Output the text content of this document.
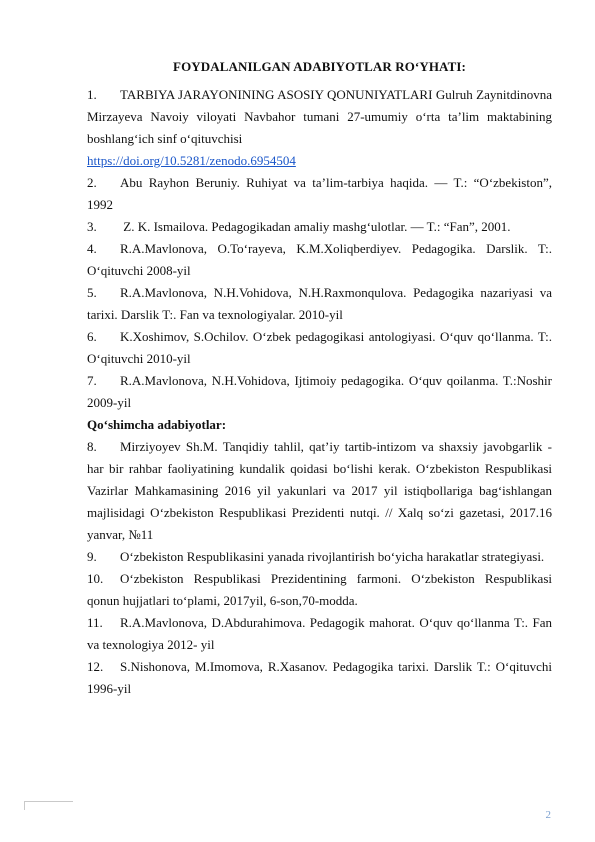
FOYDALANILGAN ADABIYOTLAR RO‘YHATI:
1. TARBIYA JARAYONINING ASOSIY QONUNIYATLARI Gulruh Zaynitdinovna Mirzayeva Navoiy viloyati Navbahor tumani 27-umumiy o‘rta ta’lim maktabining boshlang‘ich sinf o‘qituvchisi
https://doi.org/10.5281/zenodo.6954504
2. Abu Rayhon Beruniy. Ruhiyat va ta’lim-tarbiya haqida. — T.: “O‘zbekiston”, 1992
3. Z. K. Ismailova. Pedagogikadan amaliy mashg‘ulotlar. — T.: “Fan”, 2001.
4. R.A.Mavlonova, O.To‘rayeva, K.M.Xoliqberdiyev. Pedagogika. Darslik. T:. O‘qituvchi 2008-yil
5. R.A.Mavlonova, N.H.Vohidova, N.H.Raxmonqulova. Pedagogika nazariyasi va tarixi. Darslik T:. Fan va texnologiyalar. 2010-yil
6. K.Xoshimov, S.Ochilov. O‘zbek pedagogikasi antologiyasi. O‘quv qo‘llanma. T:. O‘qituvchi 2010-yil
7. R.A.Mavlonova, N.H.Vohidova, Ijtimoiy pedagogika. O‘quv qoilanma. T.:Noshir 2009-yil
Qo‘shimcha adabiyotlar:
8. Mirziyoyev Sh.M. Tanqidiy tahlil, qat’iy tartib-intizom va shaxsiy javobgarlik - har bir rahbar faoliyatining kundalik qoidasi bo‘lishi kerak. O‘zbekiston Respublikasi Vazirlar Mahkamasining 2016 yil yakunlari va 2017 yil istiqbollariga bag‘ishlangan majlisidagi O‘zbekiston Respublikasi Prezidenti nutqi. // Xalq so‘zi gazetasi, 2017.16 yanvar, №11
9. O‘zbekiston Respublikasini yanada rivojlantirish bo‘yicha harakatlar strategiyasi.
10. O‘zbekiston Respublikasi Prezidentining farmoni. O‘zbekiston Respublikasi qonun hujjatlari to‘plami, 2017yil, 6-son,70-modda.
11. R.A.Mavlonova, D.Abdurahimova. Pedagogik mahorat. O‘quv qo‘llanma T:. Fan va texnologiya 2012- yil
12. S.Nishonova, M.Imomova, R.Xasanov. Pedagogika tarixi. Darslik T.: O‘qituvchi 1996-yil
2
